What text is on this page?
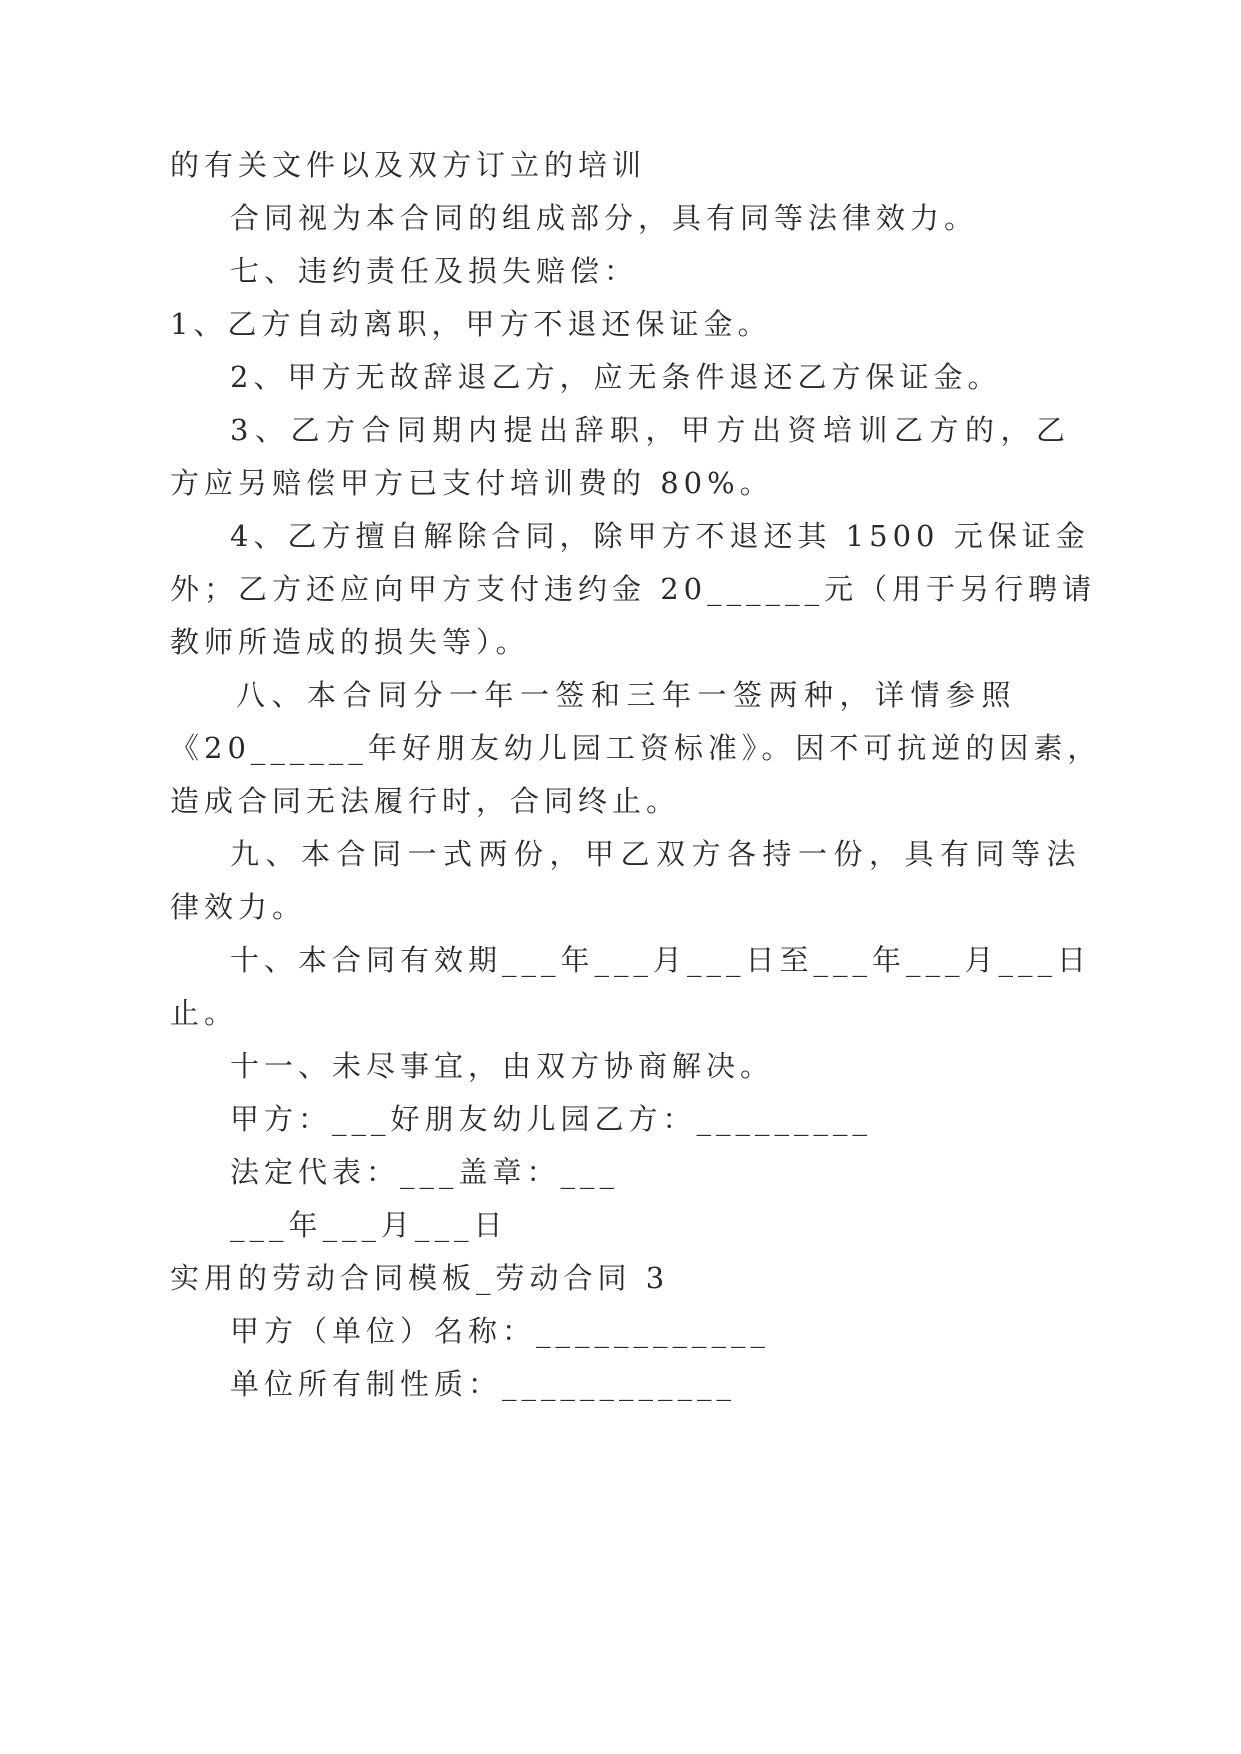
的有关文件以及双方订立的培训
合同视为本合同的组成部分，具有同等法律效力。
七、违约责任及损失赔偿：
1、乙方自动离职，甲方不退还保证金。
2、甲方无故辞退乙方，应无条件退还乙方保证金。
3、乙方合同期内提出辞职，甲方出资培训乙方的，乙
方应另赔偿甲方已支付培训费的 80%。
4、乙方擅自解除合同，除甲方不退还其 1500 元保证金
外；乙方还应向甲方支付违约金 20______元（用于另行聘请
教师所造成的损失等）。
八、本合同分一年一签和三年一签两种，详情参照
《20______年好朋友幼儿园工资标准》。因不可抗逆的因素，
造成合同无法履行时，合同终止。
九、本合同一式两份，甲乙双方各持一份，具有同等法
律效力。
十、本合同有效期___年___月___日至___年___月___日
止。
十一、未尽事宜，由双方协商解决。
甲方：___好朋友幼儿园乙方：_________
法定代表：___盖章：___
___年___月___日
实用的劳动合同模板_劳动合同 3
甲方（单位）名称：____________
单位所有制性质：____________
